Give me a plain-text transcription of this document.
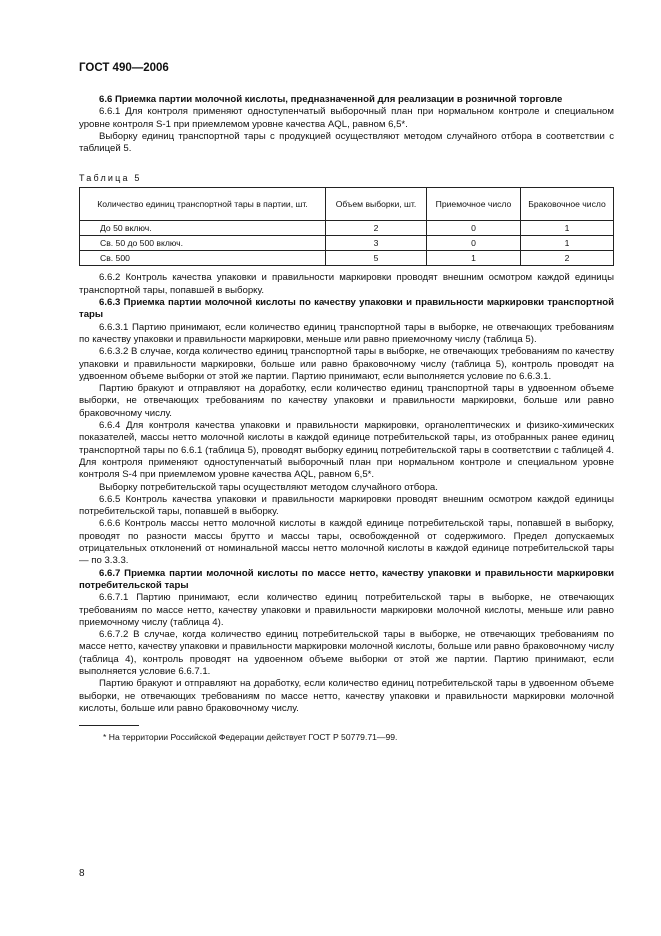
ГОСТ 490—2006

6.6 Приемка партии молочной кислоты, предназначенной для реализации в розничной торговле

6.6.1 Для контроля применяют одноступенчатый выборочный план при нормальном контроле и специальном уровне контроля S-1 при приемлемом уровне качества AQL, равном 6,5*.

Выборку единиц транспортной тары с продукцией осуществляют методом случайного отбора в соответствии с таблицей 5.

Таблица 5
Количество единиц транспортной тары в партии, шт.	Объем выборки, шт.	Приемочное число	Браковочное число
До 50 включ.	2	0	1
Св. 50 до 500 включ.	3	0	1
Св. 500	5	1	2

6.6.2 Контроль качества упаковки и правильности маркировки проводят внешним осмотром каждой единицы транспортной тары, попавшей в выборку.

6.6.3 Приемка партии молочной кислоты по качеству упаковки и правильности маркировки транспортной тары

6.6.3.1 Партию принимают, если количество единиц транспортной тары в выборке, не отвечающих требованиям по качеству упаковки и правильности маркировки, меньше или равно приемочному числу (таблица 5).

6.6.3.2 В случае, когда количество единиц транспортной тары в выборке, не отвечающих требованиям по качеству упаковки и правильности маркировки, больше или равно браковочному числу (таблица 5), контроль проводят на удвоенном объеме выборки от этой же партии. Партию принимают, если выполняется условие по 6.6.3.1.

Партию бракуют и отправляют на доработку, если количество единиц транспортной тары в удвоенном объеме выборки, не отвечающих требованиям по качеству упаковки и правильности маркировки, больше или равно браковочному числу.

6.6.4 Для контроля качества упаковки и правильности маркировки, органолептических и физико-химических показателей, массы нетто молочной кислоты в каждой единице потребительской тары, из отобранных ранее единиц транспортной тары по 6.6.1 (таблица 5), проводят выборку единиц потребительской тары в соответствии с таблицей 4. Для контроля применяют одноступенчатый выборочный план при нормальном контроле и специальном уровне контроля S-4 при приемлемом уровне качества AQL, равном 6,5*.

Выборку потребительской тары осуществляют методом случайного отбора.

6.6.5 Контроль качества упаковки и правильности маркировки проводят внешним осмотром каждой единицы потребительской тары, попавшей в выборку.

6.6.6 Контроль массы нетто молочной кислоты в каждой единице потребительской тары, попавшей в выборку, проводят по разности массы брутто и массы тары, освобожденной от содержимого. Предел допускаемых отрицательных отклонений от номинальной массы нетто молочной кислоты в каждой единице потребительской тары — по 3.3.3.

6.6.7 Приемка партии молочной кислоты по массе нетто, качеству упаковки и правильности маркировки потребительской тары

6.6.7.1 Партию принимают, если количество единиц потребительской тары в выборке, не отвечающих требованиям по массе нетто, качеству упаковки и правильности маркировки молочной кислоты, меньше или равно приемочному числу (таблица 4).

6.6.7.2 В случае, когда количество единиц потребительской тары в выборке, не отвечающих требованиям по массе нетто, качеству упаковки и правильности маркировки молочной кислоты, больше или равно браковочному числу (таблица 4), контроль проводят на удвоенном объеме выборки от этой же партии. Партию принимают, если выполняется условие 6.6.7.1.

Партию бракуют и отправляют на доработку, если количество единиц потребительской тары в удвоенном объеме выборки, не отвечающих требованиям по массе нетто, качеству упаковки и правильности маркировки молочной кислоты, больше или равно браковочному числу.

* На территории Российской Федерации действует ГОСТ Р 50779.71—99.

8
